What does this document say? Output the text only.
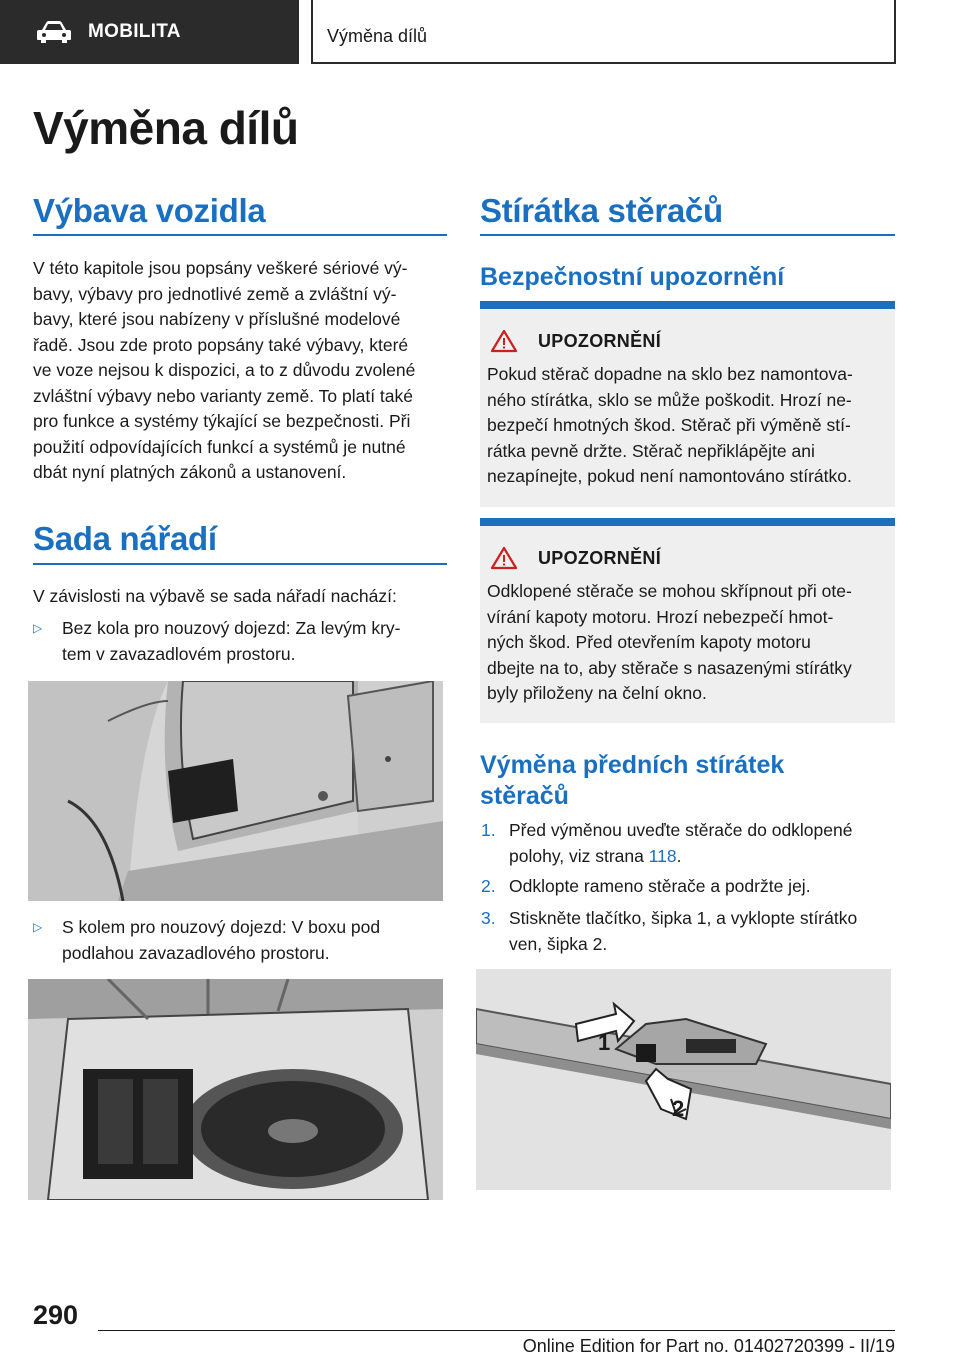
MOBILITA	Výměna dílů
Výměna dílů
Výbava vozidla
V této kapitole jsou popsány veškeré sériové vý‐
bavy, výbavy pro jednotlivé země a zvláštní vý‐
bavy, které jsou nabízeny v příslušné modelové
řadě. Jsou zde proto popsány také výbavy, které
ve voze nejsou k dispozici, a to z důvodu zvolené
zvláštní výbavy nebo varianty země. To platí také
pro funkce a systémy týkající se bezpečnosti. Při
použití odpovídajících funkcí a systémů je nutné
dbát nyní platných zákonů a ustanovení.
Sada nářadí
V závislosti na výbavě se sada nářadí nachází:
▷ Bez kola pro nouzový dojezd: Za levým kry‐
tem v zavazadlovém prostoru.
▷ S kolem pro nouzový dojezd: V boxu pod
podlahou zavazadlového prostoru.
Stírátka stěračů
Bezpečnostní upozornění
UPOZORNĚNÍ
Pokud stěrač dopadne na sklo bez namontova‐
ného stírátka, sklo se může poškodit. Hrozí ne‐
bezpečí hmotných škod. Stěrač při výměně stí‐
rátka pevně držte. Stěrač nepřiklápějte ani
nezapínejte, pokud není namontováno stírátko.
UPOZORNĚNÍ
Odklopené stěrače se mohou skřípnout při ote‐
vírání kapoty motoru. Hrozí nebezpečí hmot‐
ných škod. Před otevřením kapoty motoru
dbejte na to, aby stěrače s nasazenými stírátky
byly přiloženy na čelní okno.
Výměna předních stírátek
stěračů
1. Před výměnou uveďte stěrače do odklopené
polohy, viz strana 118.
2. Odklopte rameno stěrače a podržte jej.
3. Stiskněte tlačítko, šipka 1, a vyklopte stírátko
ven, šipka 2.
1
2
290
Online Edition for Part no. 01402720399 - II/19
